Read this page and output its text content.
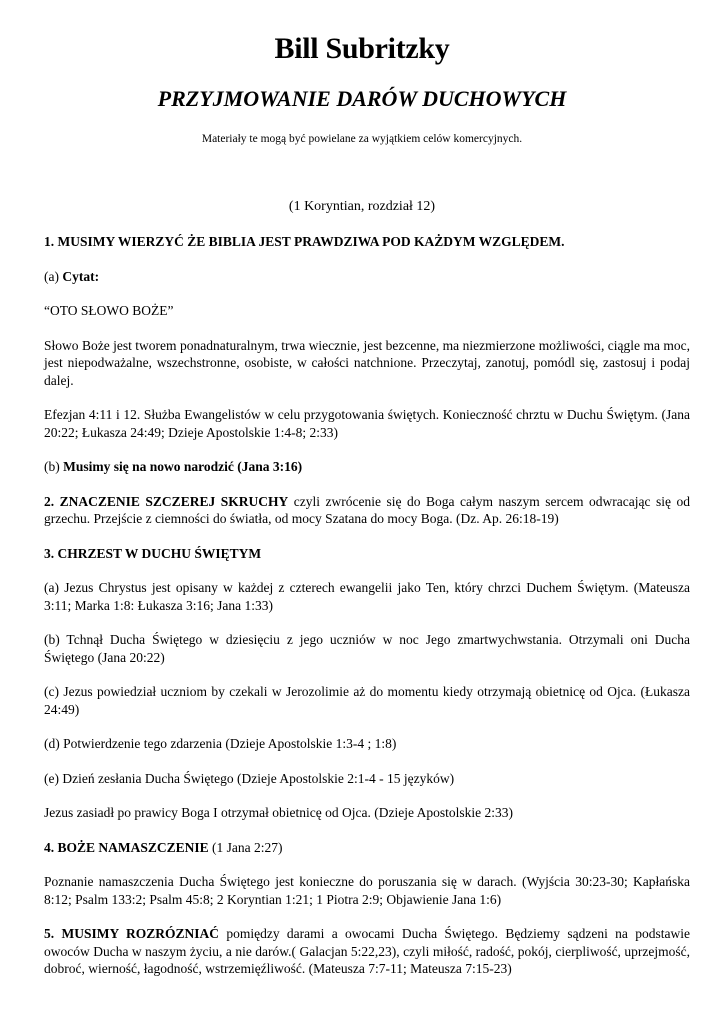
Bill Subritzky
PRZYJMOWANIE DARÓW DUCHOWYCH
Materiały te mogą być powielane za wyjątkiem celów komercyjnych.
(1 Koryntian, rozdział 12)

1. MUSIMY WIERZYĆ ŻE BIBLIA JEST PRAWDZIWA POD KAŻDYM WZGLĘDEM.

(a) Cytat:

“OTO SŁOWO BOŻE”

Słowo Boże jest tworem ponadnaturalnym, trwa wiecznie, jest bezcenne, ma niezmierzone możliwości, ciągle ma moc, jest niepodważalne, wszechstronne, osobiste, w całości natchnione. Przeczytaj, zanotuj, pomódl się, zastosuj i podaj dalej.

Efezjan 4:11 i 12. Służba Ewangelistów w celu przygotowania świętych. Konieczność chrztu w Duchu Świętym. (Jana 20:22; Łukasza 24:49; Dzieje Apostolskie 1:4-8; 2:33)

(b) Musimy się na nowo narodzić (Jana 3:16)

2. ZNACZENIE SZCZEREJ SKRUCHY czyli zwrócenie się do Boga całym naszym sercem odwracając się od grzechu. Przejście z ciemności do światła, od mocy Szatana do mocy Boga. (Dz. Ap. 26:18-19)

3. CHRZEST W DUCHU ŚWIĘTYM

(a) Jezus Chrystus jest opisany w każdej z czterech ewangelii jako Ten, który chrzci Duchem Świętym. (Mateusza 3:11; Marka 1:8: Łukasza 3:16; Jana 1:33)

(b) Tchnął Ducha Świętego w dziesięciu z jego uczniów w noc Jego zmartwychwstania. Otrzymali oni Ducha Świętego (Jana 20:22)

(c) Jezus powiedział uczniom by czekali w Jerozolimie aż do momentu kiedy otrzymają obietnicę od Ojca. (Łukasza 24:49)

(d) Potwierdzenie tego zdarzenia (Dzieje Apostolskie 1:3-4 ; 1:8)

(e) Dzień zesłania Ducha Świętego (Dzieje Apostolskie 2:1-4 - 15 języków)

Jezus zasiadł po prawicy Boga I otrzymał obietnicę od Ojca. (Dzieje Apostolskie 2:33)

4. BOŻE NAMASZCZENIE (1 Jana 2:27)

Poznanie namaszczenia Ducha Świętego jest konieczne do poruszania się w darach. (Wyjścia 30:23-30; Kapłańska 8:12; Psalm 133:2; Psalm 45:8; 2 Koryntian 1:21; 1 Piotra 2:9; Objawienie Jana 1:6)

5. MUSIMY ROZRÓZNIAĆ pomiędzy darami a owocami Ducha Świętego. Będziemy sądzeni na podstawie owoców Ducha w naszym życiu, a nie darów.( Galacjan 5:22,23), czyli miłość, radość, pokój, cierpliwość, uprzejmość, dobroć, wierność, łagodność, wstrzemięźliwość. (Mateusza 7:7-11; Mateusza 7:15-23)
